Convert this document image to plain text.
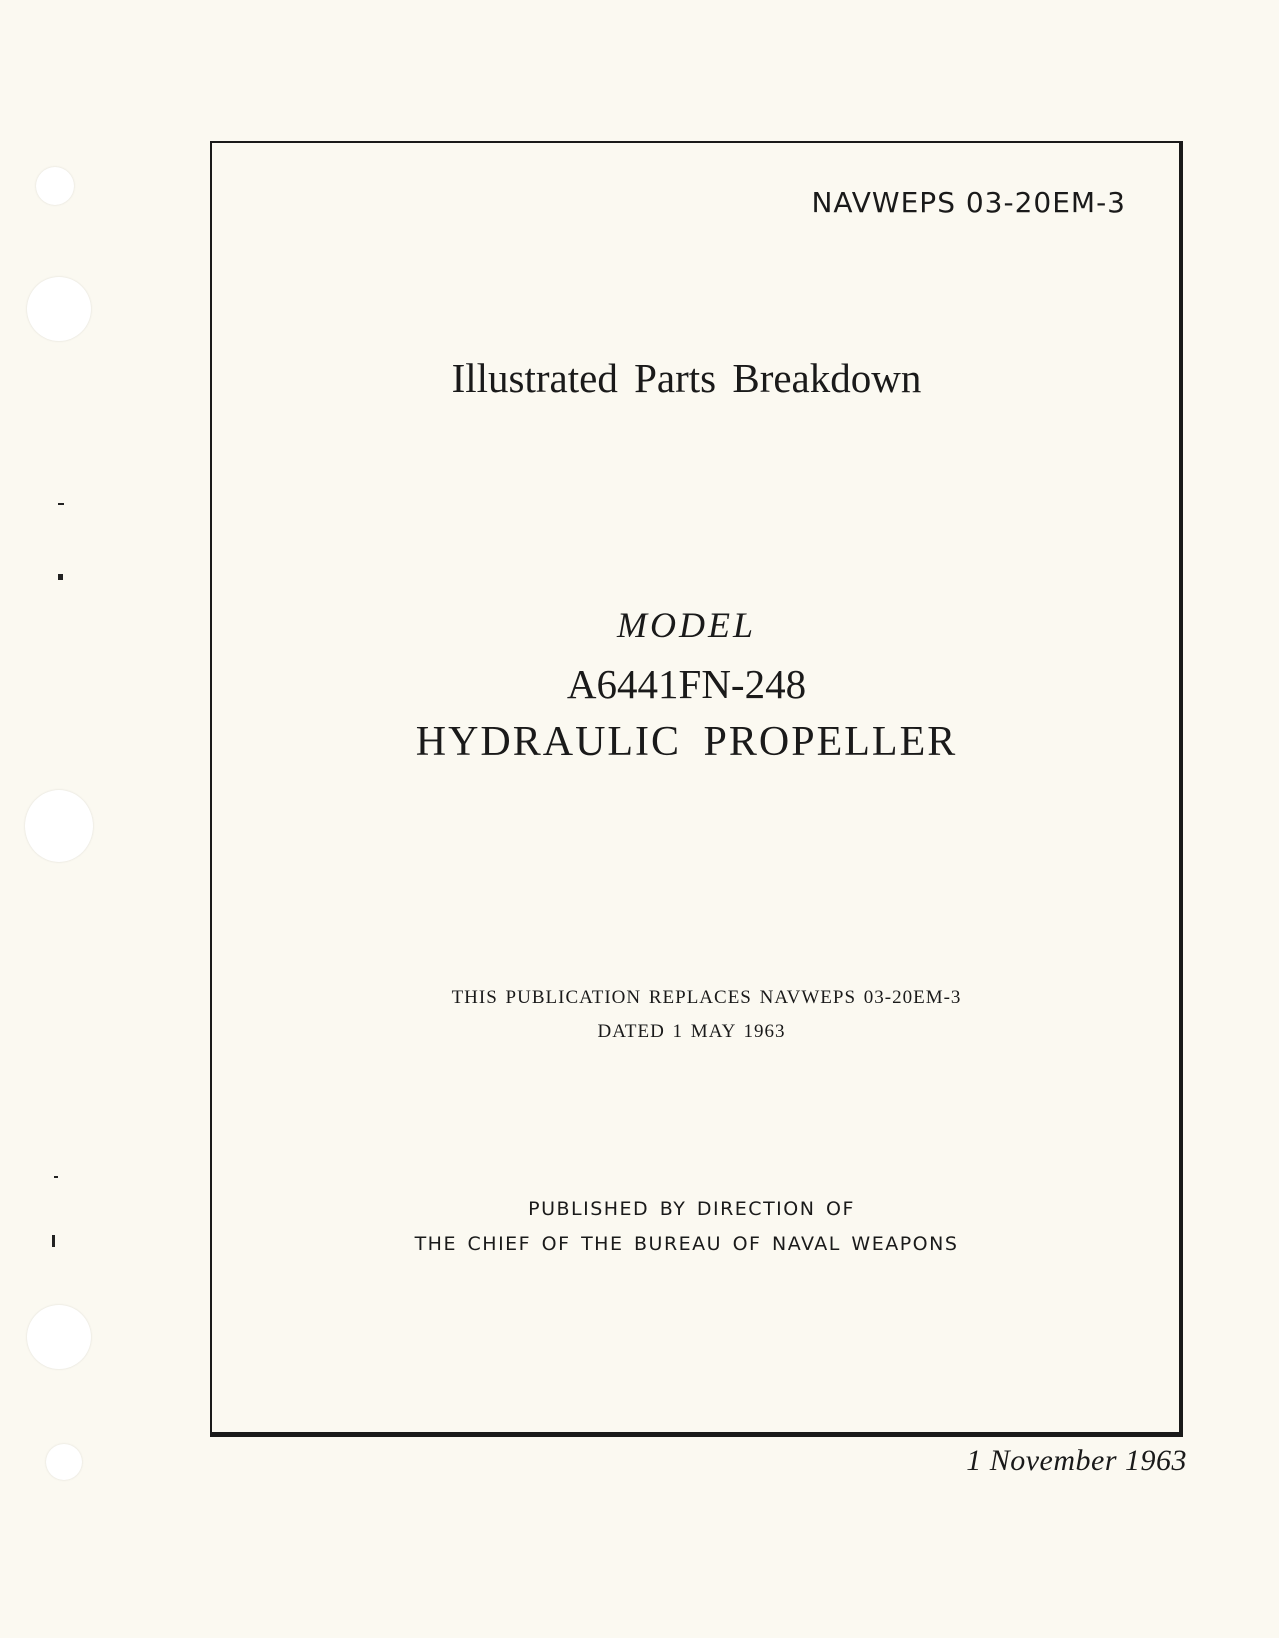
NAVWEPS 03-20EM-3
Illustrated Parts Breakdown
MODEL
A6441FN-248
HYDRAULIC PROPELLER
THIS PUBLICATION REPLACES NAVWEPS 03-20EM-3
DATED 1 MAY 1963
PUBLISHED BY DIRECTION OF
THE CHIEF OF THE BUREAU OF NAVAL WEAPONS
1 November 1963
